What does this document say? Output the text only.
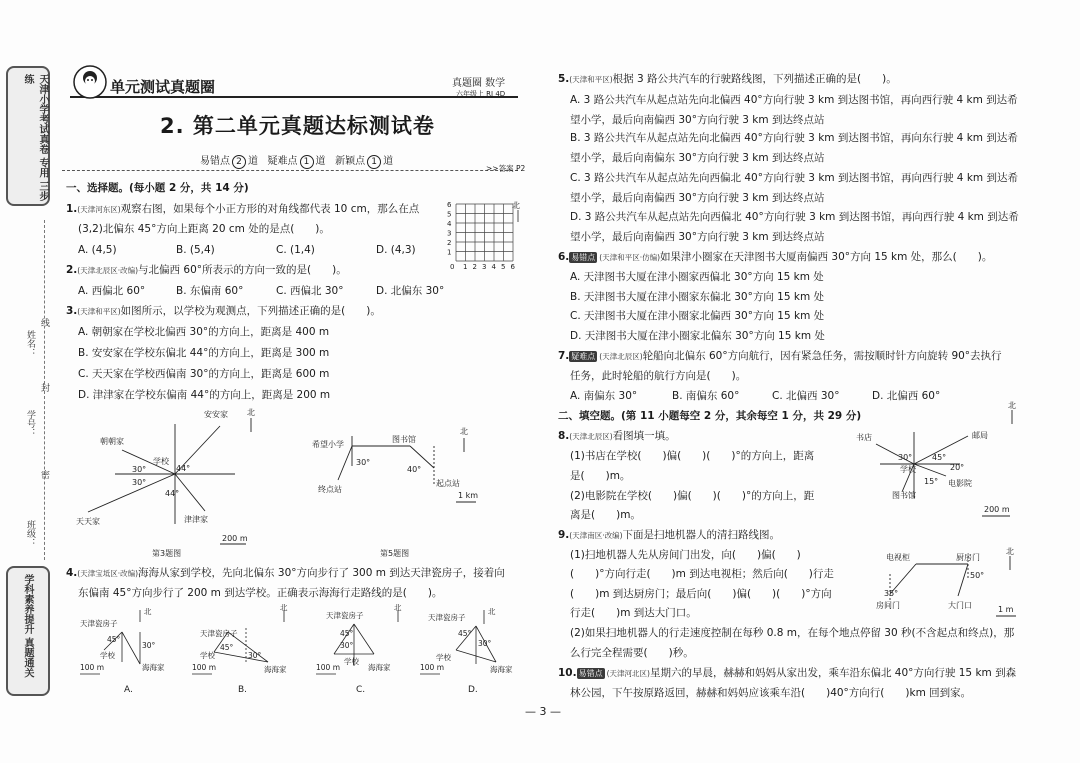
天津小学考试真卷 专用 三步练
姓名：
线
封
学号：
密
班级：
学科素养提升 真题通关
单元测试真题圈	真题圈 数学
六年级上 RJ 4D
2. 第二单元真题达标测试卷
易错点 2 道 疑难点 1 道 新颖点 1 道
>>答案 P2
一、选择题。(每小题 2 分，共 14 分)
1.(天津河东区)观察右图，如果每个小正方形的对角线都代表 10 cm，那么在点
(3,2)北偏东 45°方向上距离 20 cm 处的是点(　　)。
A. (4,5)	B. (5,4)	C. (1,4)	D. (4,3)
6
5
4
3
2
1
0 1 2 3 4 5 6
北
2.(天津北辰区·改编)与北偏西 60°所表示的方向一致的是(　　)。
A. 西偏北 60°	B. 东偏南 60°	C. 西偏北 30°	D. 北偏东 30°
3.(天津和平区)如图所示，以学校为观测点，下列描述正确的是(　　)。
A. 朝朝家在学校北偏西 30°的方向上，距离是 400 m
B. 安安家在学校东偏北 44°的方向上，距离是 300 m
C. 天天家在学校西偏南 30°的方向上，距离是 600 m
D. 津津家在学校东偏南 44°的方向上，距离是 200 m
北
安安家
朝朝家
学校
天天家	津津家
30°	44°
30°
44°
200 m
第3题图
北
希望小学
图书馆
30°
40°
起点站
终点站
1 km
第5题图
4.(天津宝坻区·改编)海海从家到学校，先向北偏东 30°方向步行了 300 m 到达天津瓷房子，接着向
东偏南 45°方向步行了 200 m 到达学校。正确表示海海行走路线的是(　　)。
北
天津瓷房子
45°
30°
学校
海海家
100 m
A.
北
天津瓷房子
45°
30°
学校
海海家
100 m
B.
北
天津瓷房子
45°
30°
学校
海海家
100 m
C.
北
天津瓷房子
45°
30°
学校
海海家
100 m
D.
— 3 —
5.(天津和平区)根据 3 路公共汽车的行驶路线图，下列描述正确的是(　　)。
A. 3 路公共汽车从起点站先向北偏西 40°方向行驶 3 km 到达图书馆，再向西行驶 4 km 到达希
望小学，最后向南偏西 30°方向行驶 3 km 到达终点站
B. 3 路公共汽车从起点站先向北偏西 40°方向行驶 3 km 到达图书馆，再向东行驶 4 km 到达希
望小学，最后向南偏东 30°方向行驶 3 km 到达终点站
C. 3 路公共汽车从起点站先向西偏北 40°方向行驶 3 km 到达图书馆，再向西行驶 4 km 到达希
望小学，最后向南偏西 30°方向行驶 3 km 到达终点站
D. 3 路公共汽车从起点站先向西偏北 40°方向行驶 3 km 到达图书馆，再向西行驶 4 km 到达希
望小学，最后向南偏西 30°方向行驶 3 km 到达终点站
6. 易错点 (天津和平区·仿编)如果津小圈家在天津图书大厦南偏西 30°方向 15 km 处，那么(　　)。
A. 天津图书大厦在津小圈家西偏北 30°方向 15 km 处
B. 天津图书大厦在津小圈家东偏北 30°方向 15 km 处
C. 天津图书大厦在津小圈家北偏西 30°方向 15 km 处
D. 天津图书大厦在津小圈家北偏东 30°方向 15 km 处
7. 疑难点 (天津北辰区)轮船向北偏东 60°方向航行，因有紧急任务，需按顺时针方向旋转 90°去执行
任务，此时轮船的航行方向是(　　)。
A. 南偏东 30°	B. 南偏东 60°	C. 北偏西 30°	D. 北偏西 60°
二、填空题。(第 11 小题每空 2 分，其余每空 1 分，共 29 分)
8.(天津北辰区)看图填一填。
(1)书店在学校(　　)偏(　　)(　　)°的方向上，距离
是(　　)m。
(2)电影院在学校(　　)偏(　　)(　　)°的方向上，距
离是(　　)m。
北
书店	邮局
30° 45°
学校	20°
电影院
15°
图书馆
200 m
9.(天津南区·改编)下面是扫地机器人的清扫路线图。
(1)扫地机器人先从房间门出发，向(　　)偏(　　)
(　　)°方向行走(　　)m 到达电视柜；然后向(　　)行走
(　　)m 到达厨房门；最后向(　　)偏(　　)(　　)°方向
行走(　　)m 到达大门口。
(2)如果扫地机器人的行走速度控制在每秒 0.8 m，在每个地点停留 30 秒(不含起点和终点)，那
么行完全程需要(　　)秒。
北
电视柜	厨房门
35°
50°
房间门	大门口	1 m
10. 易错点 (天津河北区)星期六的早晨，赫赫和妈妈从家出发，乘车沿东偏北 40°方向行驶 15 km 到森
林公园，下午按原路返回，赫赫和妈妈应该乘车沿(　　)40°方向行(　　)km 回到家。
